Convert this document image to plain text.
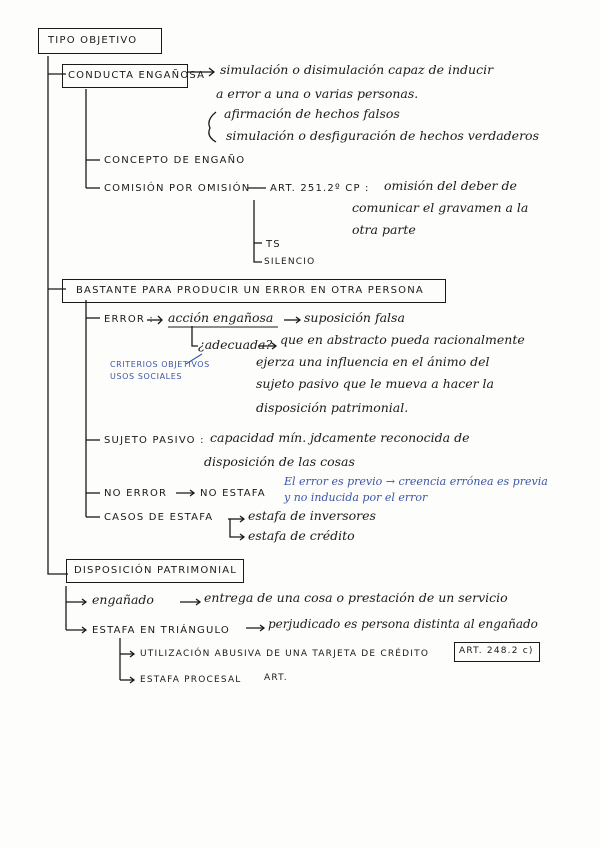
TIPO OBJETIVO
CONDUCTA ENGAÑOSA simulación o disimulación capaz de inducir
a error a una o varias personas.
afirmación de hechos falsos
simulación o desfiguración de hechos verdaderos
CONCEPTO DE ENGAÑO
COMISIÓN POR OMISIÓN ART. 251.2º CP : omisión del deber de
comunicar el gravamen a la
otra parte
TS
SILENCIO
BASTANTE PARA PRODUCIR UN ERROR EN OTRA PERSONA
ERROR : acción engañosa suposición falsa
¿adecuada? que en abstracto pueda racionalmente
ejerza una influencia en el ánimo del
sujeto pasivo que le mueva a hacer la
disposición patrimonial.
CRITERIOS OBJETIVOS
USOS SOCIALES
SUJETO PASIVO : capacidad mín. jdcamente reconocida de
disposición de las cosas
NO ERROR	NO ESTAFA
El error es previo → creencia errónea es previa
y no inducida por el error
CASOS DE ESTAFA	estafa de inversores
estafa de crédito
DISPOSICIÓN PATRIMONIAL
engañado	entrega de una cosa o prestación de un servicio
ESTAFA EN TRIÁNGULO	perjudicado es persona distinta al engañado
UTILIZACIÓN ABUSIVA DE UNA TARJETA DE CRÉDITO	ART. 248.2 c)
ESTAFA PROCESAL ART.
